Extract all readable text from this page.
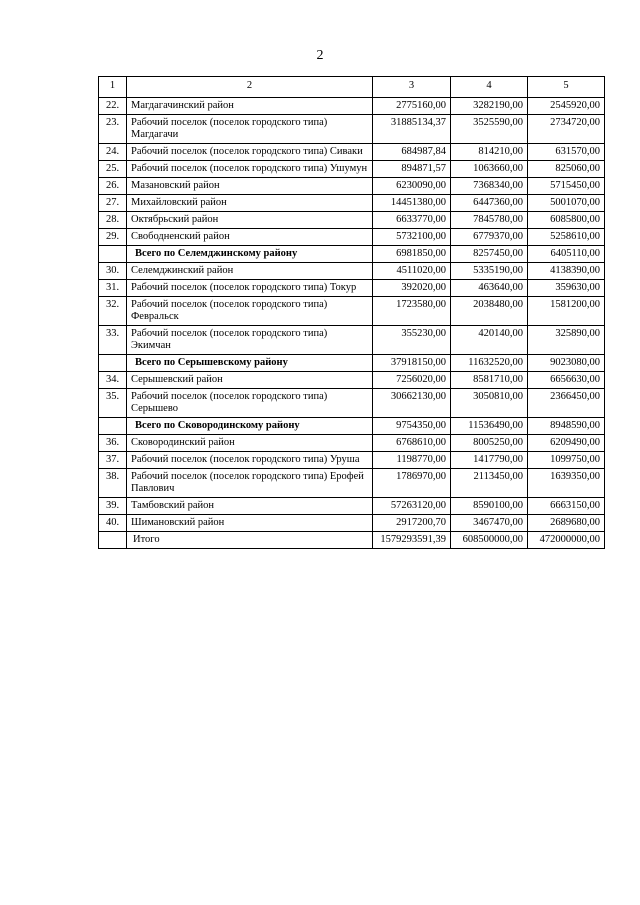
2
1	2	3	4	5
22.	Магдагачинский район	2775160,00	3282190,00	2545920,00
23.	Рабочий поселок (поселок городского типа) Магдагачи	31885134,37	3525590,00	2734720,00
24.	Рабочий поселок (поселок городского типа) Сиваки	684987,84	814210,00	631570,00
25.	Рабочий поселок (поселок городского типа) Ушумун	894871,57	1063660,00	825060,00
26.	Мазановский район	6230090,00	7368340,00	5715450,00
27.	Михайловский район	14451380,00	6447360,00	5001070,00
28.	Октябрьский район	6633770,00	7845780,00	6085800,00
29.	Свободненский район	5732100,00	6779370,00	5258610,00
	Всего по Селемджинскому району	6981850,00	8257450,00	6405110,00
30.	Селемджинский район	4511020,00	5335190,00	4138390,00
31.	Рабочий поселок (поселок городского типа) Токур	392020,00	463640,00	359630,00
32.	Рабочий поселок (поселок городского типа) Февральск	1723580,00	2038480,00	1581200,00
33.	Рабочий поселок (поселок городского типа) Экимчан	355230,00	420140,00	325890,00
	Всего по Серышевскому району	37918150,00	11632520,00	9023080,00
34.	Серышевский район	7256020,00	8581710,00	6656630,00
35.	Рабочий поселок (поселок городского типа) Серышево	30662130,00	3050810,00	2366450,00
	Всего по Сковородинскому району	9754350,00	11536490,00	8948590,00
36.	Сковородинский район	6768610,00	8005250,00	6209490,00
37.	Рабочий поселок (поселок городского типа) Уруша	1198770,00	1417790,00	1099750,00
38.	Рабочий поселок (поселок городского типа) Ерофей Павлович	1786970,00	2113450,00	1639350,00
39.	Тамбовский район	57263120,00	8590100,00	6663150,00
40.	Шимановский район	2917200,70	3467470,00	2689680,00
	Итого	1579293591,39	608500000,00	472000000,00
